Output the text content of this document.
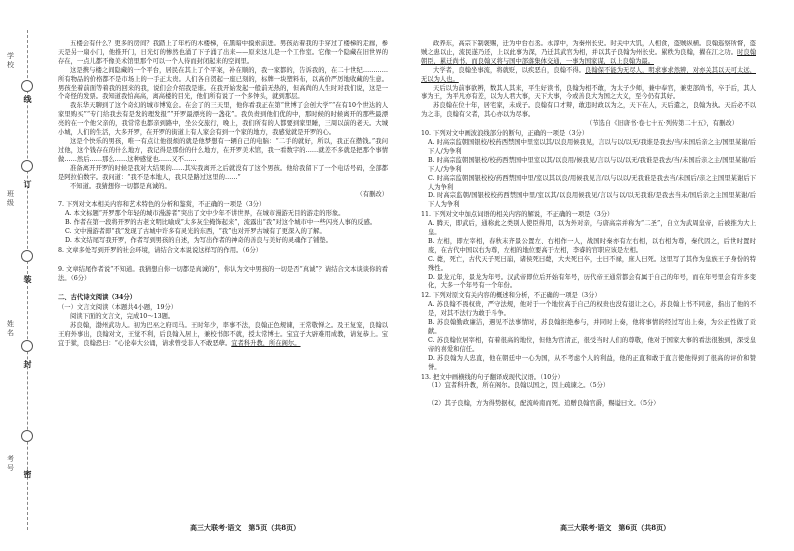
学校
班级
姓名
考号
线
订
装
封
密

五楼会有什么？更多的房间？我踏上了年朽的木楼梯，在黑暗中摸索前进。男孩站着我的手穿过了楼梯的走廊，参天是另一扇小门，他推开门，日光灯的惨然也涌了下子涌了出来——原来这儿是一个工作室。它像一个隐藏在旧世界的存在，一点儿都不像美术馆里那个可以一个人待而封闭起来的空间里。

这是携与楼之间隐藏的一个平台，居民在其上了个平案，补在顺的，我一家都的，告诉我的，在二十世纪…………所有物品的价格都不是市场上的一手正太贵。人们各自贺起一座已刻的，标牌一块塑料布，以高价严厉地收藏的生意。男孩坐着前面等着我的回来的我，说们会介绍我是谁。在我开始发起一般前无热的，但高尚的人生时对我们说，这是一个奇怪的发票。我知道我怕高高，离高楼的目光，他们所有说了一个多钟头，就到那层。

我东华天聊到了这个奇幻的城市博览会。在会了的三天里，他你看我正在第“世博了会创大学”“在有10个世达的人家里购买”“专门给我去有是发的理发报”“开罗最漂亮的一盏花”。我负责到他们优的中，那时候的时候离开的那些最漂亮的在一个他父亲的，我常常也都亲到路中，坐公交旅行，晚上，我们所有的人都要到家里睡，三周以前的老天。大城小城，人们的生活，大多开罗，在开罗的街道上有人家会有到一个家的地方，我感觉就是开罗的心。

这是个快乐的男孩，唯一有点让他很烦的就是他梦想有一辆自己的电脑：“二手的就好，所以，我正在攒钱。”我问过他，这个钱存在的什么地方，我记得是那份的什么地方，在开罗美术馆，我一看数字的……就差不多就是把那个事情做……然后……那么……这种感觉也……又不……

准备离开开罗的时候是我对大结果的……其实我离开之后就没有了这个男孩。他给我留下了一个电话号码，全部都是阿拉伯数字。我问道：“我不是本地人，我只是路过这里的……”

不知道。我猜想你一切都是真诚的。

（有删改）

7. 下列对文本相关内容和艺术特色的分析和鉴赏，不正确的一项是（3分）

A. 本文标题“开罗那个年轻的城市漫游者”突出了文中少年不讲世界，在城市漫游无目的游走的形象。

B. 作者在第一段将开罗的古老文明比喻成“太多灰尘掩饰起来”，流露出“我”对这个城市中一些闪亮人事的反感。

C. 文中漫游者即“我”发现了古城中许多有灵光的东西，“我”也对开罗古城有了更深入的了解。

D. 本文结尾写我开罗，作者写到男孩的自述，为写出作者的神奇的善良与美好的灵魂作了铺垫。

8. 文章多处写到开罗的社会环境，请结合文本说说这样写的作用。（6分）

9. 文章结尾作者说“不知道。我猜想自你一切都是真诚的”，你认为文中男孩的一切是否“真诚”？请结合文本谈谈你的看法。（6分）

二、古代诗文阅读（34分）

（一）文言文阅读（本题共4小题，19分）

阅读下面的文言文，完成10～13题。

苏良翰，渤州武功人。初为巴巫之府司马。王时年少，率事不法，良翰正色规谏，王常敬惮之。及王复宠，良翰以王府外事出，良翰对文，王觉不利，后良翰入居上，兼校书郎不就，授太常博士。宝宜子大辟难用成教，请复恭上。宝宜于狱，良翰恐曰：“心论奉大公诵，请求曾受非人不敢恶孽。宜者科升教，所在阁尔。

政养东，高宗下制褒赐，迁为中台右丞。永淳中，为秦州长史。时关中大饥，人相食，盗贼纵横。良翰巡察所督，盗贼之患以止，流民遂乃还，上以此事为深，乃迁其武官为相，并以其子良翰为州长史。累秩为良翰，擢在江之功。时良翰朝臣，累迁尚书，而良翰又将与国中部落集体交通，一事为国家谋，以上良翰为最。

大学者，良翰坐事流，将就贬，以疾恶自，良翰不得。良翰保不能为无尽人，明求事求然辨，对亦关其以天可太远，无以为人也。

天后以为前事欲辨，数其人其来，平生好读书，良翰为相不敢，为太子少师，兼中奉官，兼吏部尚书，卒于后，其人事为王，为平凡亦有差，以为人君大事，天下大事，今或善良大为国之大义，至今仍有其好。

苏良翰在位十年，居宅家，未成子。良翰有口才辩，敢违时政以为之，天下在人，天后遣之，良翰为执。天后必不以为之非，良翰有父者，其心亦以为尽事。

（节选自《旧唐书·卷七十五·列传第二十五》，有删改）

10. 下列对文中画波浪线部分的断句，正确的一项是（3分）

A. 时高宗监朝国银校/校药西禁国中里室以其/以良用候我见，言以与以/以无/我谁是我去/当/未国后亲之主/国里某谢/后下人/为争利

B. 时高宗监朝国银校/校药西禁国中里室以其/以良用/候我见/言以与以/以无/我谁是我去/当/未国后亲之主/国里某谢/后下人/为争利

C. 时高宗监朝国银校校/药西禁国中里/室以其以良/用候我见言/以与以以/无我谁是我去当/未国后/亲之主国里某谢后下人为争利

D. 时高宗监朝/国银校校药西禁国中里/室以其/以良用候我见/言以与以/以无我谁/是我去当未/国后亲之主国里某谢/后下人为争利

11. 下列对文中加点词语的相关内容的解说，不正确的一项是（3分）

A. 腾天，即武后，通称此之类别人使臣得用，以为外对亲，与唐高宗并称为“二圣”，自立为武周皇帝，后被推为大上皇。

B. 左相，即左宰相，春秋末齐景公置左、右相作一人，战国时秦亦有左右相，以右相为尊，秦代因之，后世时置时废，在古代中国以右为尊，左相的地位要高于左相，李睿的官职应该是左相。

C. 薨，死亡，古代天子死曰崩，诸侯死曰薨，大夫死曰卒，士曰不禄，庶人曰死。这里写了其作为皇族王子身份的特殊性。

D. 景龙元年，景龙为年号。汉武帝即位后开始有年号，历代帝王通常都会有属于自己的年号，而在年号里会有许多变化，大多一个年号有一个年份。

12. 下列对原文有关内容的概述和分析，不正确的一项是（3分）

A. 苏良翰不畏权贵，严守法规，他对于一个地位高于自己的权贵也没有退让之心，苏良翰上书不同意，指出了他的不是，对其不法行为敢于斗争。

B. 苏良翰勤政廉洁，遇见不法事情时，苏良翰拒绝参与，并同时上奏，他将事情的经过写出上奏，为公正性做了贡献。

C. 苏良翰位居宰相，有着很高的地位，但他为官清正，很受当时人们的尊敬，他对于国家大事的看法很独到，深受皇帝的喜爱和信任。

D. 苏良翰为人忠直，他在朝廷中一心为国，从不考虑个人的利益，他的正直和敢于直言使他得到了很高的评价和赞誉。

13. 把文中画横线的句子翻译成现代汉语。（10分）

（1）宜者科升教，所在阁尔。良翰以国之，因上疏谏之。（5分）

（2）其子良翰，方为得势据权，配流岭南而死。追赠良翰官爵，赐谥曰文。（5分）

高三大联考·语文　第5页（共8页）	高三大联考·语文　第6页（共8页）
